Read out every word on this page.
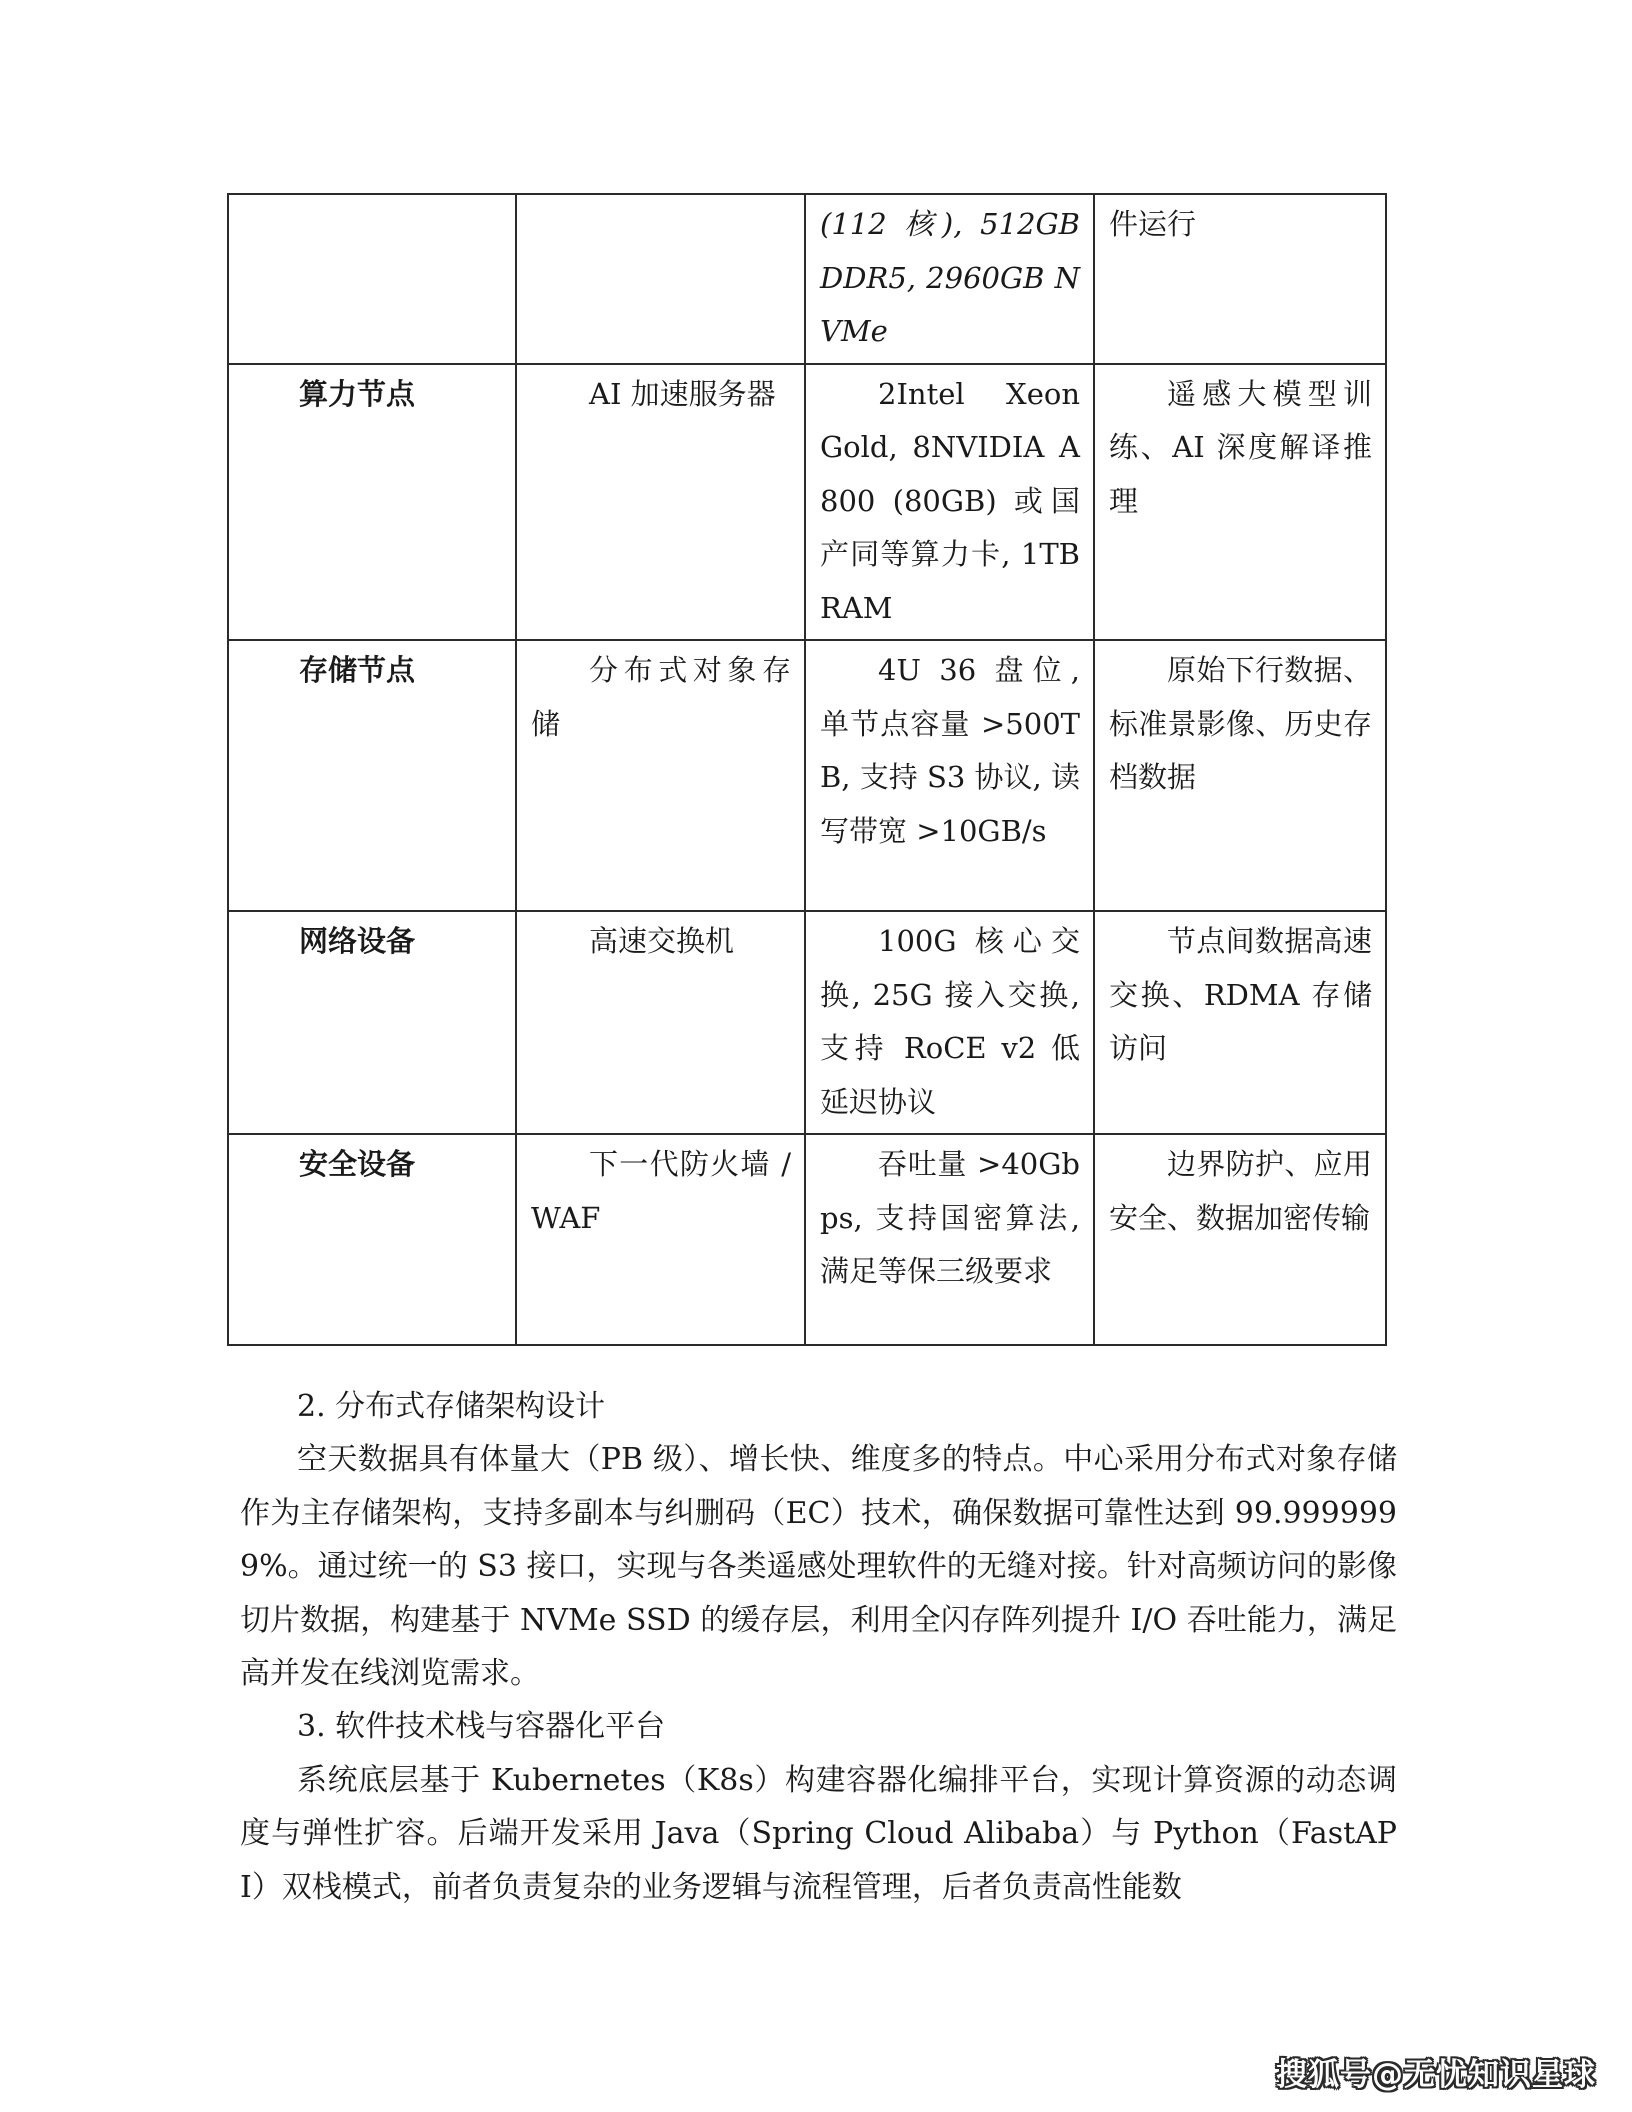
		(112 核), 512GB DDR5, 2960GB NVMe	件运行
算力节点	AI 加速服务器	2Intel Xeon Gold, 8NVIDIA A800 (80GB) 或国产同等算力卡, 1TB RAM	遥感大模型训练、AI 深度解译推理
存储节点	分布式对象存储	4U 36 盘位, 单节点容量 >500TB, 支持 S3 协议, 读写带宽 >10GB/s	原始下行数据、标准景影像、历史存档数据
网络设备	高速交换机	100G 核心交换, 25G 接入交换, 支持 RoCE v2 低延迟协议	节点间数据高速交换、RDMA 存储访问
安全设备	下一代防火墙 /WAF	吞吐量 >40Gbps, 支持国密算法, 满足等保三级要求	边界防护、应用安全、数据加密传输

2. 分布式存储架构设计

空天数据具有体量大（PB 级）、增长快、维度多的特点。中心采用分布式对象存储作为主存储架构，支持多副本与纠删码（EC）技术，确保数据可靠性达到 99.9999999%。通过统一的 S3 接口，实现与各类遥感处理软件的无缝对接。针对高频访问的影像切片数据，构建基于 NVMe SSD 的缓存层，利用全闪存阵列提升 I/O 吞吐能力，满足高并发在线浏览需求。

3. 软件技术栈与容器化平台

系统底层基于 Kubernetes（K8s）构建容器化编排平台，实现计算资源的动态调度与弹性扩容。后端开发采用 Java（Spring Cloud Alibaba）与 Python（FastAPI）双栈模式，前者负责复杂的业务逻辑与流程管理，后者负责高性能数

搜狐号@无忧知识星球
